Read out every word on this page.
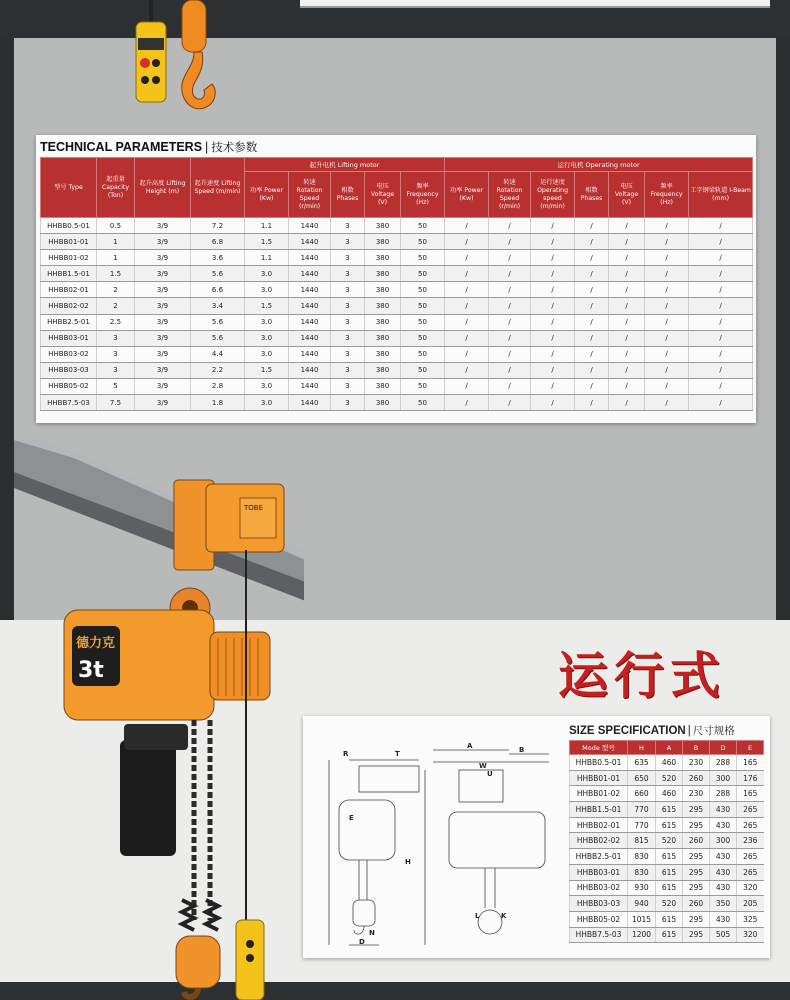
TECHNICAL PARAMETERS | 技术参数
型号 Type	起重量 Capacity (Ton)	起升高度 Lifting Height (m)	起升速度 Lifting Speed (m/min)	起升电机 Lifting motor					运行电机 Operating motor						
				功率 Power (Kw)	转速 Rotation Speed (r/min)	相数 Phases	电压 Voltage (V)	频率 Frequency (Hz)	功率 Power (Kw)	转速 Rotation Speed (r/min)	运行速度 Operating speed (m/min)	相数 Phases	电压 Voltage (V)	频率 Frequency (Hz)	工字钢梁轨道 I-Beam (mm)
HHBB0.5-01	0.5	3/9	7.2	1.1	1440	3	380	50	/	/	/	/	/	/	/
HHBB01-01	1	3/9	6.8	1.5	1440	3	380	50	/	/	/	/	/	/	/
HHBB01-02	1	3/9	3.6	1.1	1440	3	380	50	/	/	/	/	/	/	/
HHBB1.5-01	1.5	3/9	5.6	3.0	1440	3	380	50	/	/	/	/	/	/	/
HHBB02-01	2	3/9	6.6	3.0	1440	3	380	50	/	/	/	/	/	/	/
HHBB02-02	2	3/9	3.4	1.5	1440	3	380	50	/	/	/	/	/	/	/
HHBB2.5-01	2.5	3/9	5.6	3.0	1440	3	380	50	/	/	/	/	/	/	/
HHBB03-01	3	3/9	5.6	3.0	1440	3	380	50	/	/	/	/	/	/	/
HHBB03-02	3	3/9	4.4	3.0	1440	3	380	50	/	/	/	/	/	/	/
HHBB03-03	3	3/9	2.2	1.5	1440	3	380	50	/	/	/	/	/	/	/
HHBB05-02	5	3/9	2.8	3.0	1440	3	380	50	/	/	/	/	/	/	/
HHBB7.5-03	7.5	3/9	1.8	3.0	1440	3	380	50	/	/	/	/	/	/	/
TOBE
德力克
3t	运行式
R	T
E
H
D
N
A	B
W
U
L	K
SIZE SPECIFICATION | 尺寸规格
Mode 型号	H	A	B	D	E
HHBB0.5-01	635	460	230	288	165
HHBB01-01	650	520	260	300	176
HHBB01-02	660	460	230	288	165
HHBB1.5-01	770	615	295	430	265
HHBB02-01	770	615	295	430	265
HHBB02-02	815	520	260	300	236
HHBB2.5-01	830	615	295	430	265
HHBB03-01	830	615	295	430	265
HHBB03-02	930	615	295	430	320
HHBB03-03	940	520	260	350	205
HHBB05-02	1015	615	295	430	325
HHBB7.5-03	1200	615	295	505	320
